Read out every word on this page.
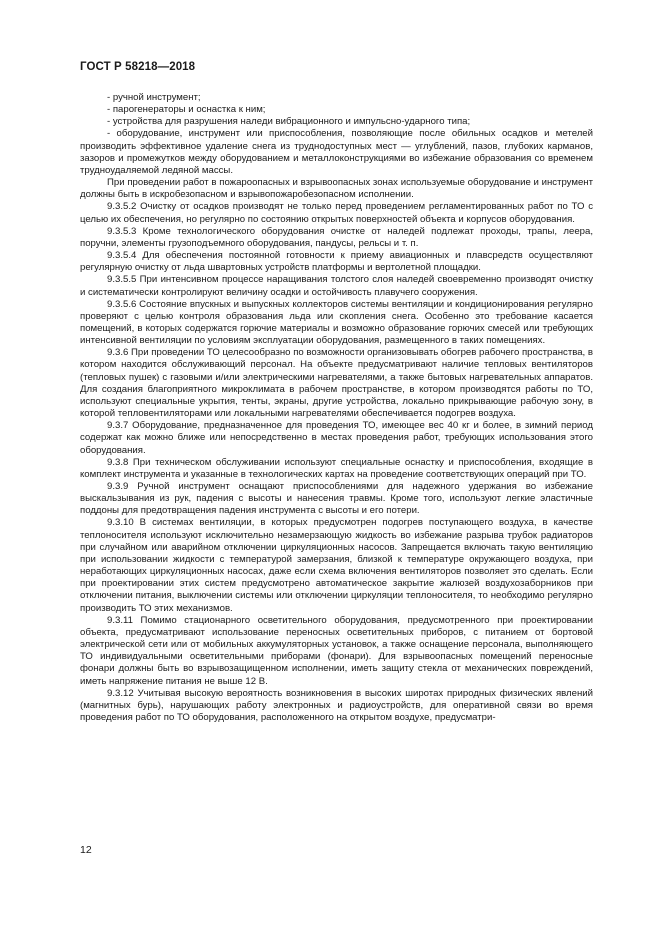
ГОСТ Р 58218—2018

- ручной инструмент;

- парогенераторы и оснастка к ним;

- устройства для разрушения наледи вибрационного и импульсно-ударного типа;

- оборудование, инструмент или приспособления, позволяющие после обильных осадков и метелей производить эффективное удаление снега из труднодоступных мест — углублений, пазов, глубоких карманов, зазоров и промежутков между оборудованием и металлоконструкциями во избежание образования со временем трудноудаляемой ледяной массы.

При проведении работ в пожароопасных и взрывоопасных зонах используемые оборудование и инструмент должны быть в искробезопасном и взрывопожаробезопасном исполнении.

9.3.5.2 Очистку от осадков производят не только перед проведением регламентированных работ по ТО с целью их обеспечения, но регулярно по состоянию открытых поверхностей объекта и корпусов оборудования.

9.3.5.3 Кроме технологического оборудования очистке от наледей подлежат проходы, трапы, леера, поручни, элементы грузоподъемного оборудования, пандусы, рельсы и т. п.

9.3.5.4 Для обеспечения постоянной готовности к приему авиационных и плавсредств осуществляют регулярную очистку от льда швартовных устройств платформы и вертолетной площадки.

9.3.5.5 При интенсивном процессе наращивания толстого слоя наледей своевременно производят очистку и систематически контролируют величину осадки и остойчивость плавучего сооружения.

9.3.5.6 Состояние впускных и выпускных коллекторов системы вентиляции и кондиционирования регулярно проверяют с целью контроля образования льда или скопления снега. Особенно это требование касается помещений, в которых содержатся горючие материалы и возможно образование горючих смесей или требующих интенсивной вентиляции по условиям эксплуатации оборудования, размещенного в таких помещениях.

9.3.6 При проведении ТО целесообразно по возможности организовывать обогрев рабочего пространства, в котором находится обслуживающий персонал. На объекте предусматривают наличие тепловых вентиляторов (тепловых пушек) с газовыми и/или электрическими нагревателями, а также бытовых нагревательных аппаратов. Для создания благоприятного микроклимата в рабочем пространстве, в котором производятся работы по ТО, используют специальные укрытия, тенты, экраны, другие устройства, локально прикрывающие рабочую зону, в которой тепловентиляторами или локальными нагревателями обеспечивается подогрев воздуха.

9.3.7 Оборудование, предназначенное для проведения ТО, имеющее вес 40 кг и более, в зимний период содержат как можно ближе или непосредственно в местах проведения работ, требующих использования этого оборудования.

9.3.8 При техническом обслуживании используют специальные оснастку и приспособления, входящие в комплект инструмента и указанные в технологических картах на проведение соответствующих операций при ТО.

9.3.9 Ручной инструмент оснащают приспособлениями для надежного удержания во избежание выскальзывания из рук, падения с высоты и нанесения травмы. Кроме того, используют легкие эластичные поддоны для предотвращения падения инструмента с высоты и его потери.

9.3.10 В системах вентиляции, в которых предусмотрен подогрев поступающего воздуха, в качестве теплоносителя используют исключительно незамерзающую жидкость во избежание разрыва трубок радиаторов при случайном или аварийном отключении циркуляционных насосов. Запрещается включать такую вентиляцию при использовании жидкости с температурой замерзания, близкой к температуре окружающего воздуха, при неработающих циркуляционных насосах, даже если схема включения вентиляторов позволяет это сделать. Если при проектировании этих систем предусмотрено автоматическое закрытие жалюзей воздухозаборников при отключении питания, выключении системы или отключении циркуляции теплоносителя, то необходимо регулярно производить ТО этих механизмов.

9.3.11 Помимо стационарного осветительного оборудования, предусмотренного при проектировании объекта, предусматривают использование переносных осветительных приборов, с питанием от бортовой электрической сети или от мобильных аккумуляторных установок, а также оснащение персонала, выполняющего ТО индивидуальными осветительными приборами (фонари). Для взрывоопасных помещений переносные фонари должны быть во взрывозащищенном исполнении, иметь защиту стекла от механических повреждений, иметь напряжение питания не выше 12 В.

9.3.12 Учитывая высокую вероятность возникновения в высоких широтах природных физических явлений (магнитных бурь), нарушающих работу электронных и радиоустройств, для оперативной связи во время проведения работ по ТО оборудования, расположенного на открытом воздухе, предусматри-

12
